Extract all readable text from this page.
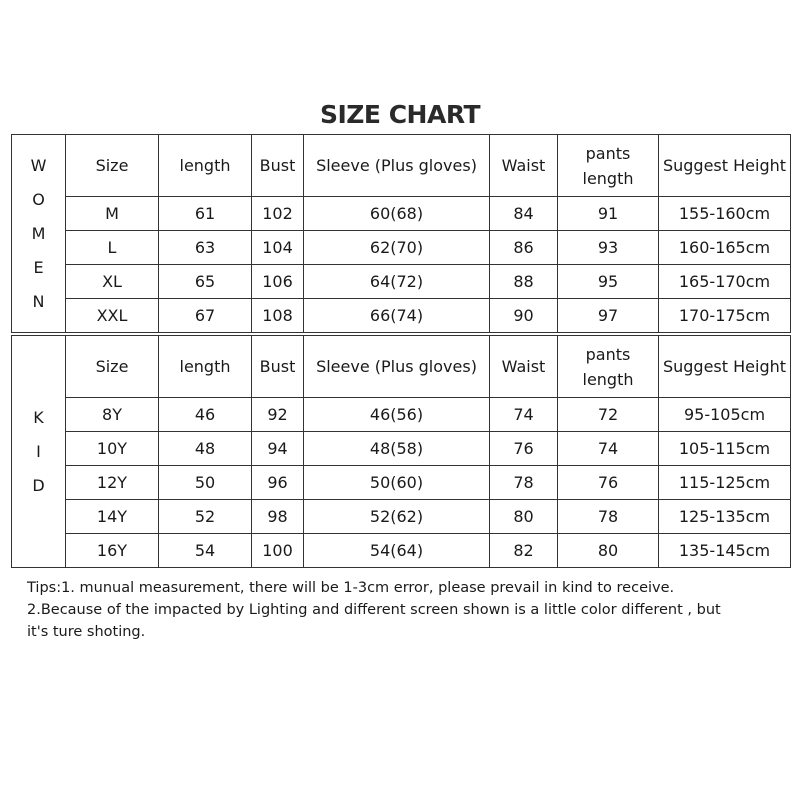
SIZE CHART
W
O
M
E
N	Size	length	Bust	Sleeve (Plus gloves)	Waist	pants length	Suggest Height
	M	61	102	60(68)	84	91	155-160cm
	L	63	104	62(70)	86	93	160-165cm
	XL	65	106	64(72)	88	95	165-170cm
	XXL	67	108	66(74)	90	97	170-175cm
K
I
D	Size	length	Bust	Sleeve (Plus gloves)	Waist	pants length	Suggest Height
	8Y	46	92	46(56)	74	72	95-105cm
	10Y	48	94	48(58)	76	74	105-115cm
	12Y	50	96	50(60)	78	76	115-125cm
	14Y	52	98	52(62)	80	78	125-135cm
	16Y	54	100	54(64)	82	80	135-145cm
Tips:1. munual measurement, there will be 1-3cm error, please prevail in kind to receive.
2.Because of the impacted by Lighting and different screen shown is a little color different , but
it's ture shoting.
